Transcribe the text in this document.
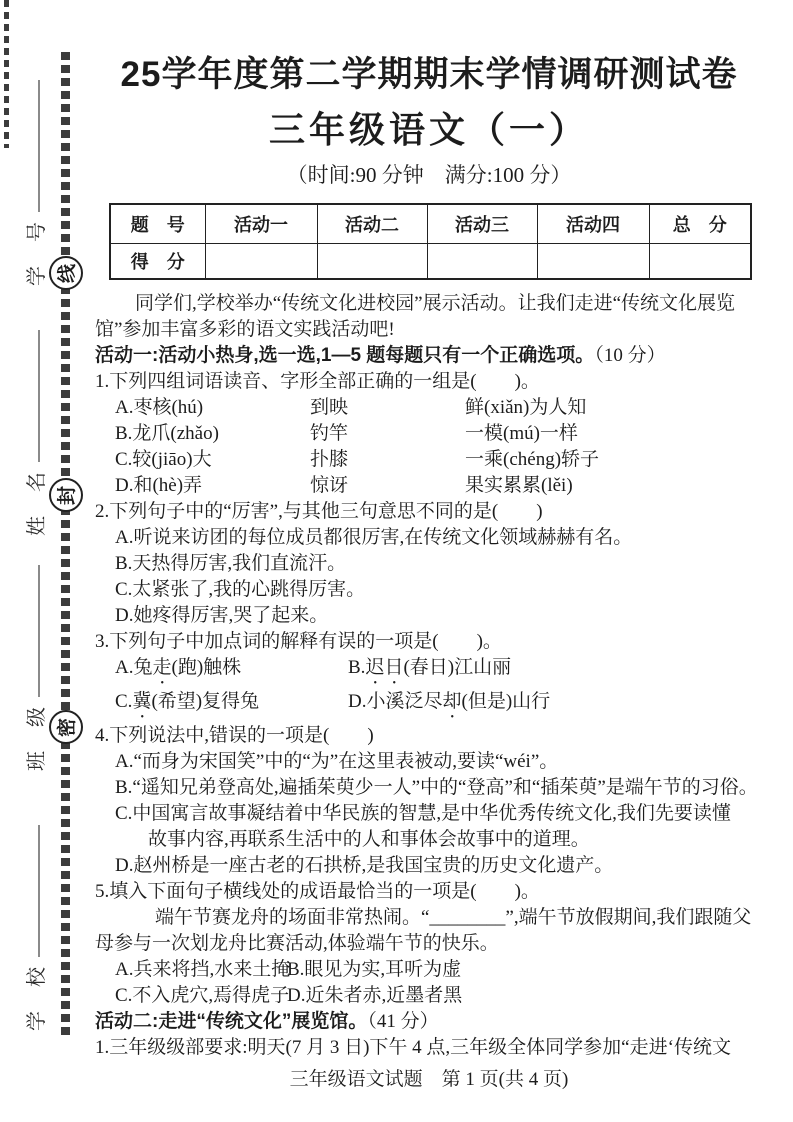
学　号
姓　名
班　级
学　校
线
封
密
25学年度第二学期期末学情调研测试卷
三年级语文（一）
（时间:90 分钟　满分:100 分）
题　号	活动一	活动二	活动三	活动四	总　分
得　分					

同学们,学校举办“传统文化进校园”展示活动。让我们走进“传统文化展览

馆”参加丰富多彩的语文实践活动吧!

活动一:活动小热身,选一选,1—5 题每题只有一个正确选项。（10 分）

1.下列四组词语读音、字形全部正确的一组是(　　)。

A.枣核(hú)	到映	鲜(xiǎn)为人知

B.龙爪(zhǎo)	钓竿	一模(mú)一样

C.较(jiāo)大	扑膝	一乘(chéng)轿子

D.和(hè)弄	惊讶	果实累累(lěi)

2.下列句子中的“厉害”,与其他三句意思不同的是(　　)

A.听说来访团的每位成员都很厉害,在传统文化领域赫赫有名。

B.天热得厉害,我们直流汗。

C.太紧张了,我的心跳得厉害。

D.她疼得厉害,哭了起来。

3.下列句子中加点词的解释有误的一项是(　　)。

A.兔走(跑)触株	B.迟日(春日)江山丽

C.冀(希望)复得兔	D.小溪泛尽却(但是)山行

4.下列说法中,错误的一项是(　　)

A.“而身为宋国笑”中的“为”在这里表被动,要读“wéi”。

B.“遥知兄弟登高处,遍插茱萸少一人”中的“登高”和“插茱萸”是端午节的习俗。

C.中国寓言故事凝结着中华民族的智慧,是中华优秀传统文化,我们先要读懂

故事内容,再联系生活中的人和事体会故事中的道理。

D.赵州桥是一座古老的石拱桥,是我国宝贵的历史文化遗产。

5.填入下面句子横线处的成语最恰当的一项是(　　)。

端午节赛龙舟的场面非常热闹。“________”,端午节放假期间,我们跟随父

母参与一次划龙舟比赛活动,体验端午节的快乐。

A.兵来将挡,水来土掩

B.眼见为实,耳听为虚

C.不入虎穴,焉得虎子

D.近朱者赤,近墨者黑

活动二:走进“传统文化”展览馆。（41 分）

1.三年级级部要求:明天(7 月 3 日)下午 4 点,三年级全体同学参加“走进‘传统文

三年级语文试题　第 1 页(共 4 页)
